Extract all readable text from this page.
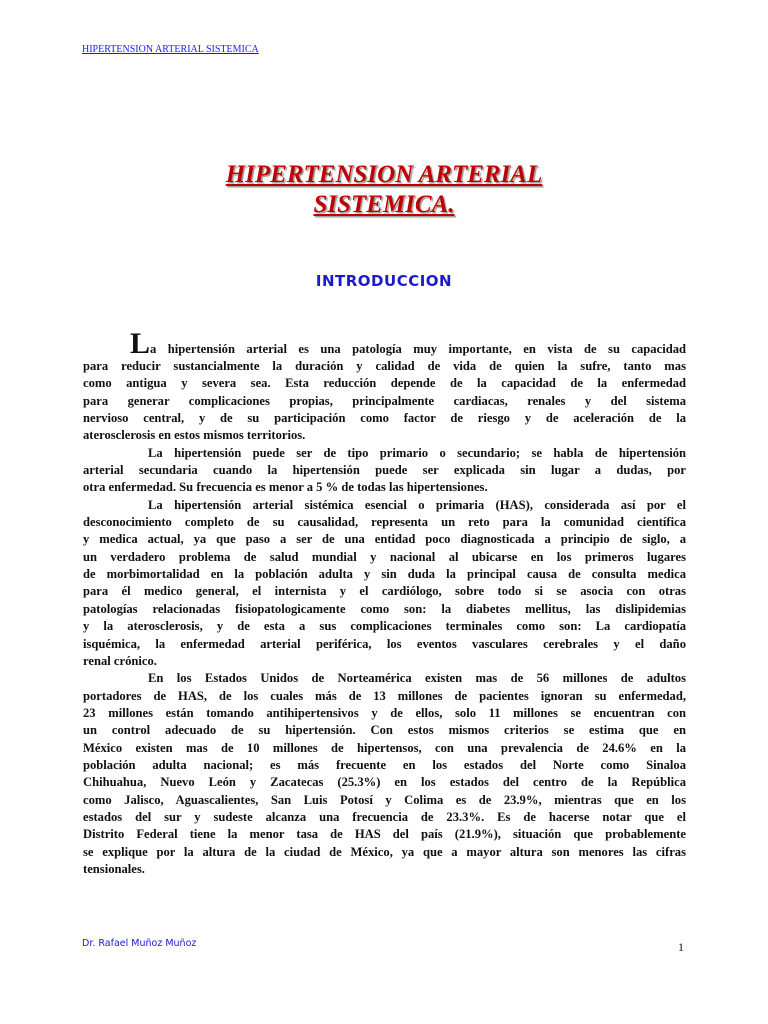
HIPERTENSION ARTERIAL SISTEMICA
HIPERTENSION ARTERIAL
SISTEMICA.
INTRODUCCION
La hipertensión arterial es una patología muy importante, en vista de su capacidad
para reducir sustancialmente la duración y calidad de vida de quien la sufre, tanto mas
como antigua y severa sea. Esta reducción depende de la capacidad de la enfermedad
para generar complicaciones propias, principalmente cardiacas, renales y del sistema
nervioso central, y de su participación como factor de riesgo y de aceleración de la
aterosclerosis en estos mismos territorios.
La hipertensión puede ser de tipo primario o secundario; se habla de hipertensión
arterial secundaria cuando la hipertensión puede ser explicada sin lugar a dudas, por
otra enfermedad. Su frecuencia es menor a 5 % de todas las hipertensiones.
La hipertensión arterial sistémica esencial o primaria (HAS), considerada así por el
desconocimiento completo de su causalidad, representa un reto para la comunidad científica
y medica actual, ya que paso a ser de una entidad poco diagnosticada a principio de siglo, a
un verdadero problema de salud mundial y nacional al ubicarse en los primeros lugares
de morbimortalidad en la población adulta y sin duda la principal causa de consulta medica
para él medico general, el internista y el cardiólogo, sobre todo si se asocia con otras
patologías relacionadas fisiopatologicamente como son: la diabetes mellitus, las dislipidemias
y la aterosclerosis, y de esta a sus complicaciones terminales como son: La cardiopatía
isquémica, la enfermedad arterial periférica, los eventos vasculares cerebrales y el daño
renal crónico.
En los Estados Unidos de Norteamérica existen mas de 56 millones de adultos
portadores de HAS, de los cuales más de 13 millones de pacientes ignoran su enfermedad,
23 millones están tomando antihipertensivos y de ellos, solo 11 millones se encuentran con
un control adecuado de su hipertensión. Con estos mismos criterios se estima que en
México existen mas de 10 millones de hipertensos, con una prevalencia de 24.6% en la
población adulta nacional; es más frecuente en los estados del Norte como Sinaloa
Chihuahua, Nuevo León y Zacatecas (25.3%) en los estados del centro de la República
como Jalisco, Aguascalientes, San Luis Potosí y Colima es de 23.9%, mientras que en los
estados del sur y sudeste alcanza una frecuencia de 23.3%. Es de hacerse notar que el
Distrito Federal tiene la menor tasa de HAS del país (21.9%), situación que probablemente
se explique por la altura de la ciudad de México, ya que a mayor altura son menores las cifras
tensionales.
Dr. Rafael Muñoz Muñoz	1
